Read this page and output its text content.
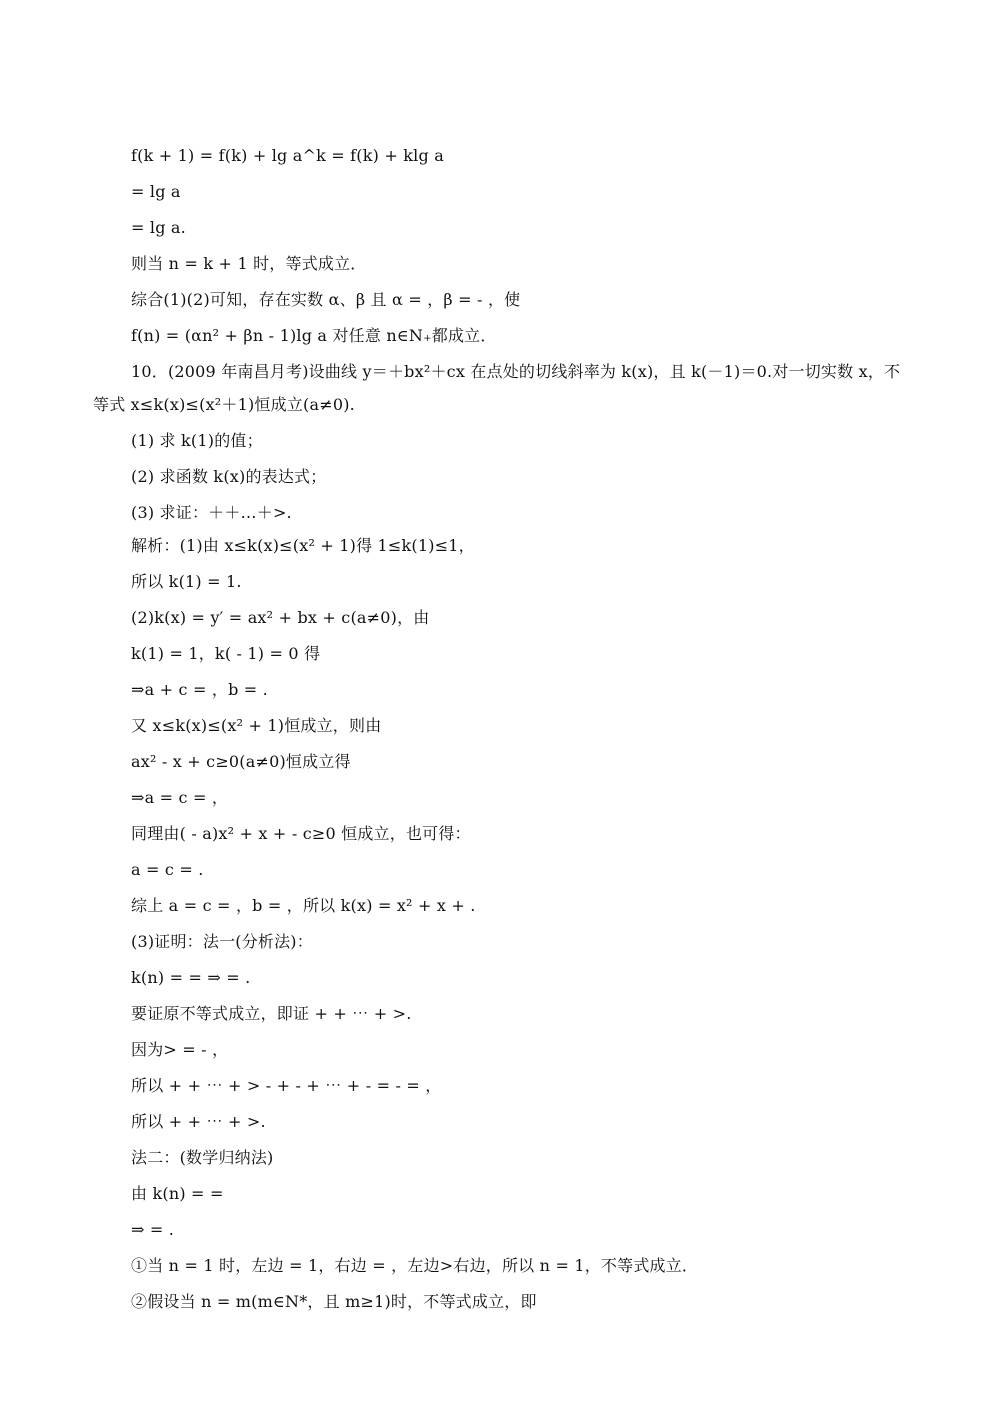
f(k + 1) = f(k) + lg a^k = f(k) + klg a
= lg a
= lg a.
则当 n = k + 1 时，等式成立．
综合(1)(2)可知，存在实数 α、β 且 α = ，β = - ，使
f(n) = (αn² + βn - 1)lg a 对任意 n∈N₊都成立．
10．(2009 年南昌月考)设曲线 y＝＋bx²＋cx 在点处的切线斜率为 k(x)，且 k(－1)＝0.对一切实数 x，不
等式 x≤k(x)≤(x²＋1)恒成立(a≠0).
(1) 求 k(1)的值；
(2) 求函数 k(x)的表达式；
(3) 求证：＋＋…＋>.
解析：(1)由 x≤k(x)≤(x² + 1)得 1≤k(1)≤1，
所以 k(1) = 1.
(2)k(x) = y′ = ax² + bx + c(a≠0)，由
k(1) = 1，k( - 1) = 0 得
⇒a + c = ，b = .
又 x≤k(x)≤(x² + 1)恒成立，则由
ax² - x + c≥0(a≠0)恒成立得
⇒a = c = ，
同理由( - a)x² + x + - c≥0 恒成立，也可得：
a = c = .
综上 a = c = ，b = ，所以 k(x) = x² + x + .
(3)证明：法一(分析法)：
k(n) = = ⇒ = .
要证原不等式成立，即证 + + ⋯ + >.
因为> = - ，
所以 + + ⋯ + > - + - + ⋯ + - = - = ，
所以 + + ⋯ + >.
法二：(数学归纳法)
由 k(n) = =
⇒ = .
①当 n = 1 时，左边 = 1，右边 = ，左边>右边，所以 n = 1，不等式成立．
②假设当 n = m(m∈N*，且 m≥1)时，不等式成立，即
